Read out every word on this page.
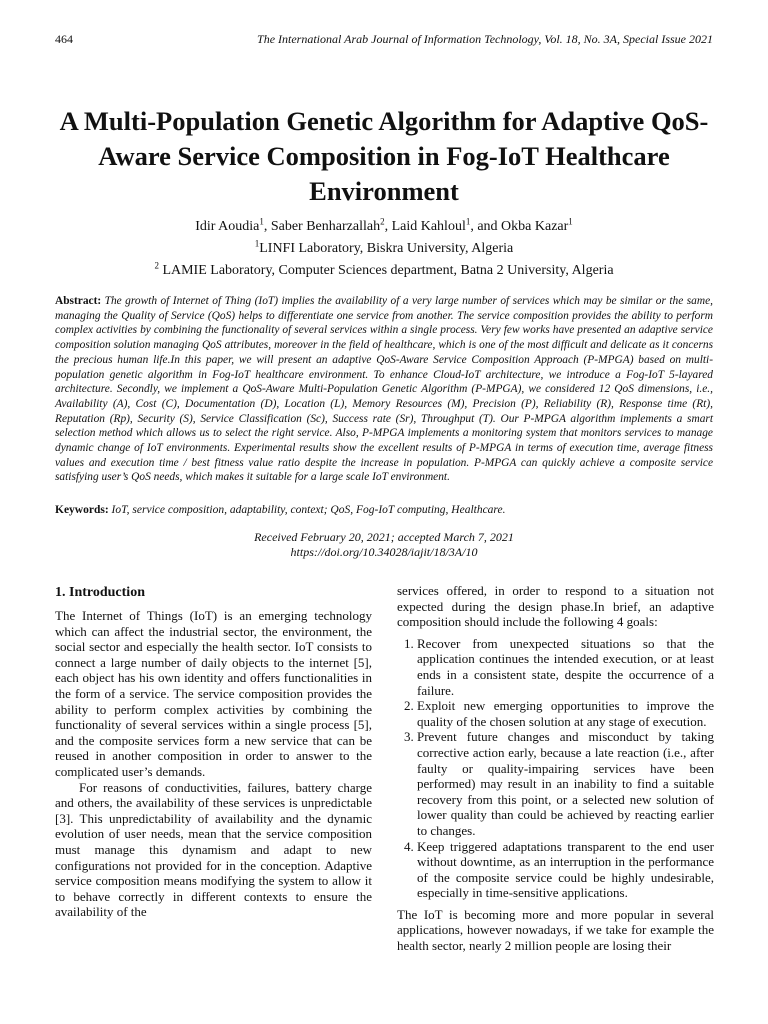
464	The International Arab Journal of Information Technology, Vol. 18, No. 3A, Special Issue 2021
A Multi-Population Genetic Algorithm for Adaptive QoS-Aware Service Composition in Fog-IoT Healthcare Environment
Idir Aoudia$^1$, Saber Benharzallah$^2$, Laid Kahloul$^1$, and Okba Kazar$^1$
$^1$LINFI Laboratory, Biskra University, Algeria
$^2$ LAMIE Laboratory, Computer Sciences department, Batna 2 University, Algeria
Abstract: The growth of Internet of Thing (IoT) implies the availability of a very large number of services which may be similar or the same, managing the Quality of Service (QoS) helps to differentiate one service from another. The service composition provides the ability to perform complex activities by combining the functionality of several services within a single process. Very few works have presented an adaptive service composition solution managing QoS attributes, moreover in the field of healthcare, which is one of the most difficult and delicate as it concerns the precious human life.In this paper, we will present an adaptive QoS-Aware Service Composition Approach (P-MPGA) based on multi-population genetic algorithm in Fog-IoT healthcare environment. To enhance Cloud-IoT architecture, we introduce a Fog-IoT 5-layared architecture. Secondly, we implement a QoS-Aware Multi-Population Genetic Algorithm (P-MPGA), we considered 12 QoS dimensions, i.e., Availability (A), Cost (C), Documentation (D), Location (L), Memory Resources (M), Precision (P), Reliability (R), Response time (Rt), Reputation (Rp), Security (S), Service Classification (Sc), Success rate (Sr), Throughput (T). Our P-MPGA algorithm implements a smart selection method which allows us to select the right service. Also, P-MPGA implements a monitoring system that monitors services to manage dynamic change of IoT environments. Experimental results show the excellent results of P-MPGA in terms of execution time, average fitness values and execution time / best fitness value ratio despite the increase in population. P-MPGA can quickly achieve a composite service satisfying user’s QoS needs, which makes it suitable for a large scale IoT environment.
Keywords: IoT, service composition, adaptability, context; QoS, Fog-IoT computing, Healthcare.
Received February 20, 2021; accepted March 7, 2021
https://doi.org/10.34028/iajit/18/3A/10
1. Introduction

The Internet of Things (IoT) is an emerging technology which can affect the industrial sector, the environment, the social sector and especially the health sector. IoT consists to connect a large number of daily objects to the internet [5], each object has his own identity and offers functionalities in the form of a service. The service composition provides the ability to perform complex activities by combining the functionality of several services within a single process [5], and the composite services form a new service that can be reused in another composition in order to answer to the complicated user’s demands.

For reasons of conductivities, failures, battery charge and others, the availability of these services is unpredictable [3]. This unpredictability of availability and the dynamic evolution of user needs, mean that the service composition must manage this dynamism and adapt to new configurations not provided for in the conception. Adaptive service composition means modifying the system to allow it to behave correctly in different contexts to ensure the availability of the

services offered, in order to respond to a situation not expected during the design phase.In brief, an adaptive composition should include the following 4 goals:

1. Recover from unexpected situations so that the application continues the intended execution, or at least ends in a consistent state, despite the occurrence of a failure.
2. Exploit new emerging opportunities to improve the quality of the chosen solution at any stage of execution.
3. Prevent future changes and misconduct by taking corrective action early, because a late reaction (i.e., after faulty or quality-impairing services have been performed) may result in an inability to find a suitable recovery from this point, or a selected new solution of lower quality than could be achieved by reacting earlier to changes.
4. Keep triggered adaptations transparent to the end user without downtime, as an interruption in the performance of the composite service could be highly undesirable, especially in time-sensitive applications.

The IoT is becoming more and more popular in several applications, however nowadays, if we take for example the health sector, nearly 2 million people are losing their
